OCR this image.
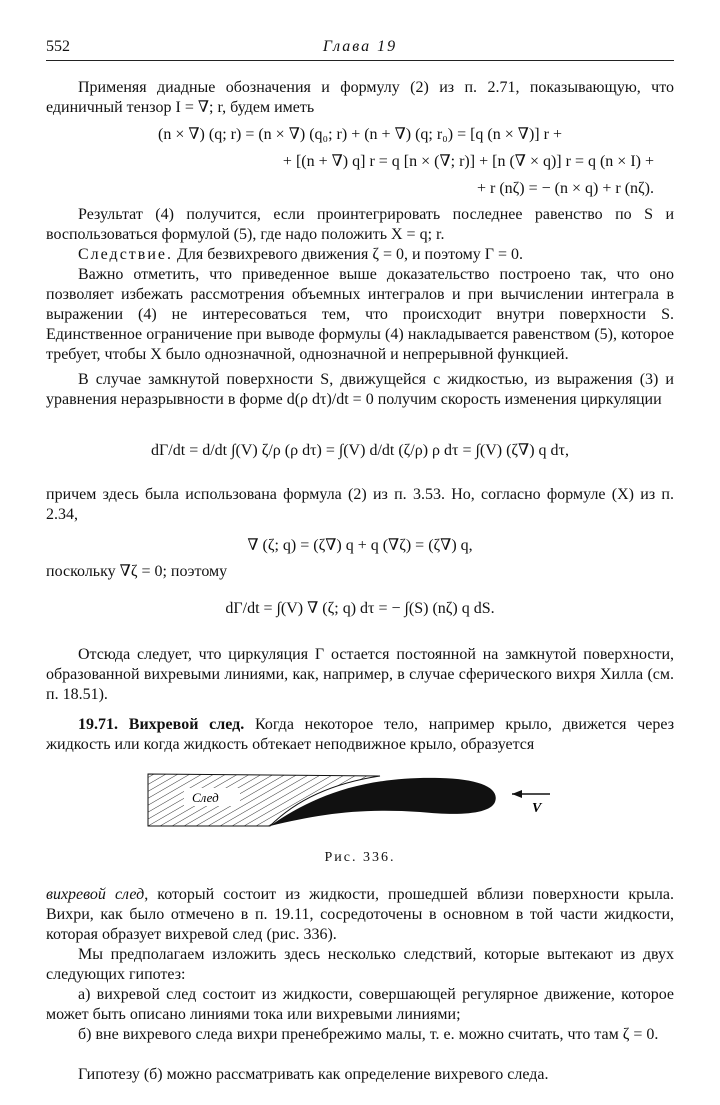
552	Глава 19

Применяя диадные обозначения и формулу (2) из п. 2.71, показывающую, что единичный тензор I = ∇; r, будем иметь

(n × ∇) (q; r) = (n × ∇) (q₀; r) + (n + ∇) (q; r₀) = [q (n × ∇)] r +
+ [(n + ∇) q] r = q [n × (∇; r)] + [n (∇ × q)] r = q (n × I) +
+ r (nζ) = − (n × q) + r (nζ).

Результат (4) получится, если проинтегрировать последнее равенство по S и воспользоваться формулой (5), где надо положить X = q; r.

Следствие. Для безвихревого движения ζ = 0, и поэтому Γ = 0.

Важно отметить, что приведенное выше доказательство построено так, что оно позволяет избежать рассмотрения объемных интегралов и при вычислении интеграла в выражении (4) не интересоваться тем, что происходит внутри поверхности S. Единственное ограничение при выводе формулы (4) накладывается равенством (5), которое требует, чтобы X было однозначной, однозначной и непрерывной функцией.

В случае замкнутой поверхности S, движущейся с жидкостью, из выражения (3) и уравнения неразрывности в форме d(ρ dτ)/dt = 0 получим скорость изменения циркуляции

dΓ/dt = d/dt ∫(V) ζ/ρ (ρ dτ) = ∫(V) d/dt (ζ/ρ) ρ dτ = ∫(V) (ζ∇) q dτ,

причем здесь была использована формула (2) из п. 3.53. Но, согласно формуле (X) из п. 2.34,

∇ (ζ; q) = (ζ∇) q + q (∇ζ) = (ζ∇) q,

поскольку ∇ζ = 0; поэтому

dΓ/dt = ∫(V) ∇ (ζ; q) dτ = − ∫(S) (nζ) q dS.

Отсюда следует, что циркуляция Γ остается постоянной на замкнутой поверхности, образованной вихревыми линиями, как, например, в случае сферического вихря Хилла (см. п. 18.51).

19.71. Вихревой след. Когда некоторое тело, например крыло, движется через жидкость или когда жидкость обтекает неподвижное крыло, образуется

След
V
Рис. 336.

вихревой след, который состоит из жидкости, прошедшей вблизи поверхности крыла. Вихри, как было отмечено в п. 19.11, сосредоточены в основном в той части жидкости, которая образует вихревой след (рис. 336).

Мы предполагаем изложить здесь несколько следствий, которые вытекают из двух следующих гипотез:

а) вихревой след состоит из жидкости, совершающей регулярное движение, которое может быть описано линиями тока или вихревыми линиями;

б) вне вихревого следа вихри пренебрежимо малы, т. е. можно считать, что там ζ = 0.

Гипотезу (б) можно рассматривать как определение вихревого следа.
